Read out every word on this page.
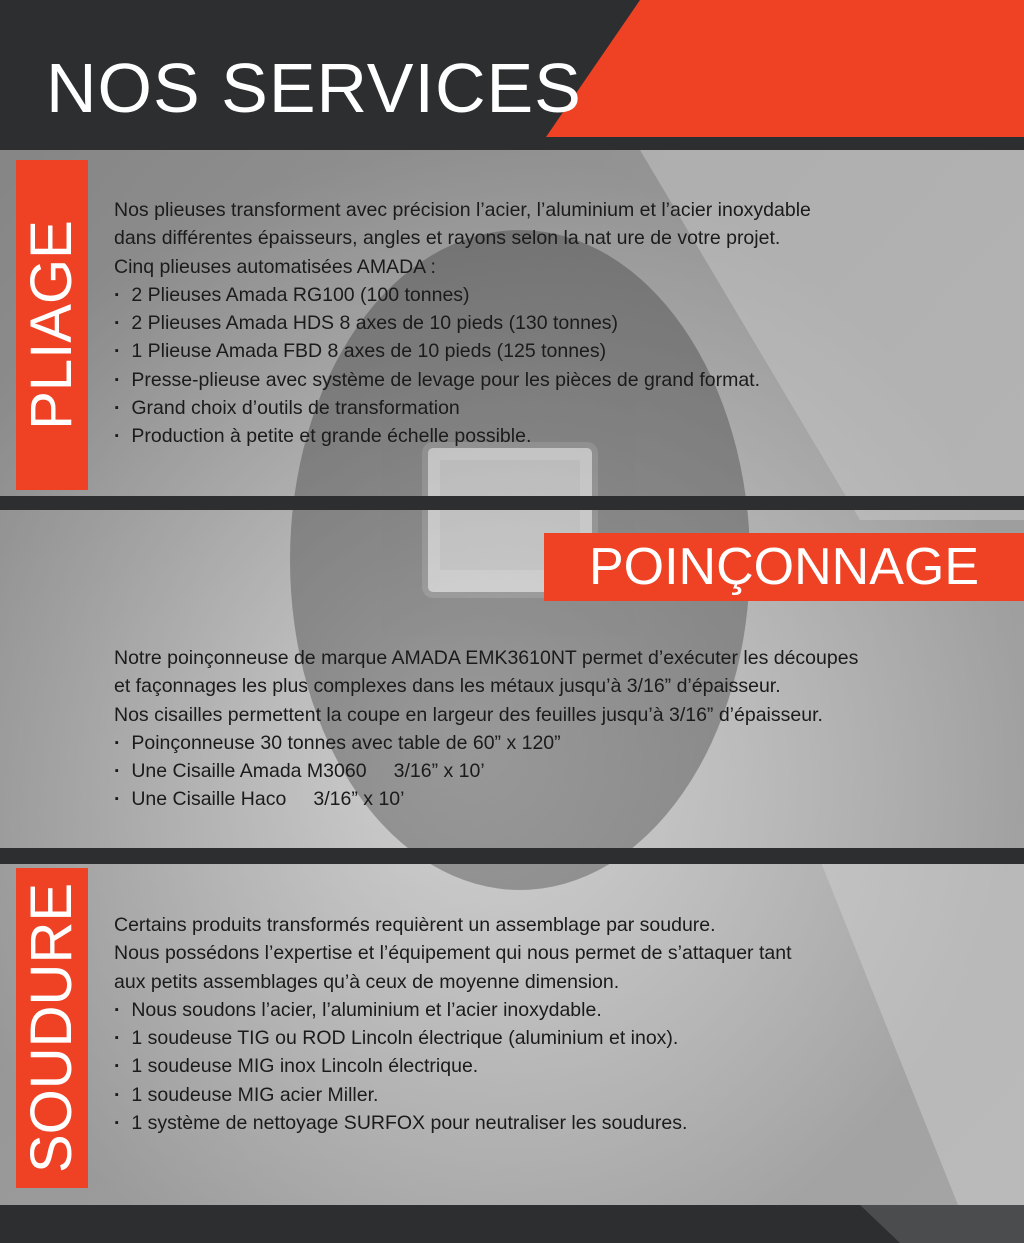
NOS SERVICES
PLIAGE

Nos plieuses transforment avec précision l’acier, l’aluminium et l’acier inoxydable

dans différentes épaisseurs, angles et rayons selon la nat ure de votre projet.

Cinq plieuses automatisées AMADA :

·  2 Plieuses Amada RG100 (100 tonnes)
·  2 Plieuses Amada HDS 8 axes de 10 pieds (130 tonnes)
·  1 Plieuse Amada FBD 8 axes de 10 pieds (125 tonnes)
·  Presse-plieuse avec système de levage pour les pièces de grand format.
·  Grand choix d’outils de transformation
·  Production à petite et grande échelle possible.
POINÇONNAGE

Notre poinçonneuse de marque AMADA EMK3610NT permet d’exécuter les découpes

et façonnages les plus complexes dans les métaux jusqu’à 3/16” d’épaisseur.

Nos cisailles permettent la coupe en largeur des feuilles jusqu’à 3/16” d’épaisseur.

·  Poinçonneuse 30 tonnes avec table de 60” x 120”
·  Une Cisaille Amada M3060     3/16” x 10’
·  Une Cisaille Haco     3/16” x 10’
SOUDURE Certains produits transformés requièrent un assemblage par soudure.

Nous possédons l’expertise et l’équipement qui nous permet de s’attaquer tant

aux petits assemblages qu’à ceux de moyenne dimension.

·  Nous soudons l’acier, l’aluminium et l’acier inoxydable.
·  1 soudeuse TIG ou ROD Lincoln électrique (aluminium et inox).
·  1 soudeuse MIG inox Lincoln électrique.
·  1 soudeuse MIG acier Miller.
·  1 système de nettoyage SURFOX pour neutraliser les soudures.
